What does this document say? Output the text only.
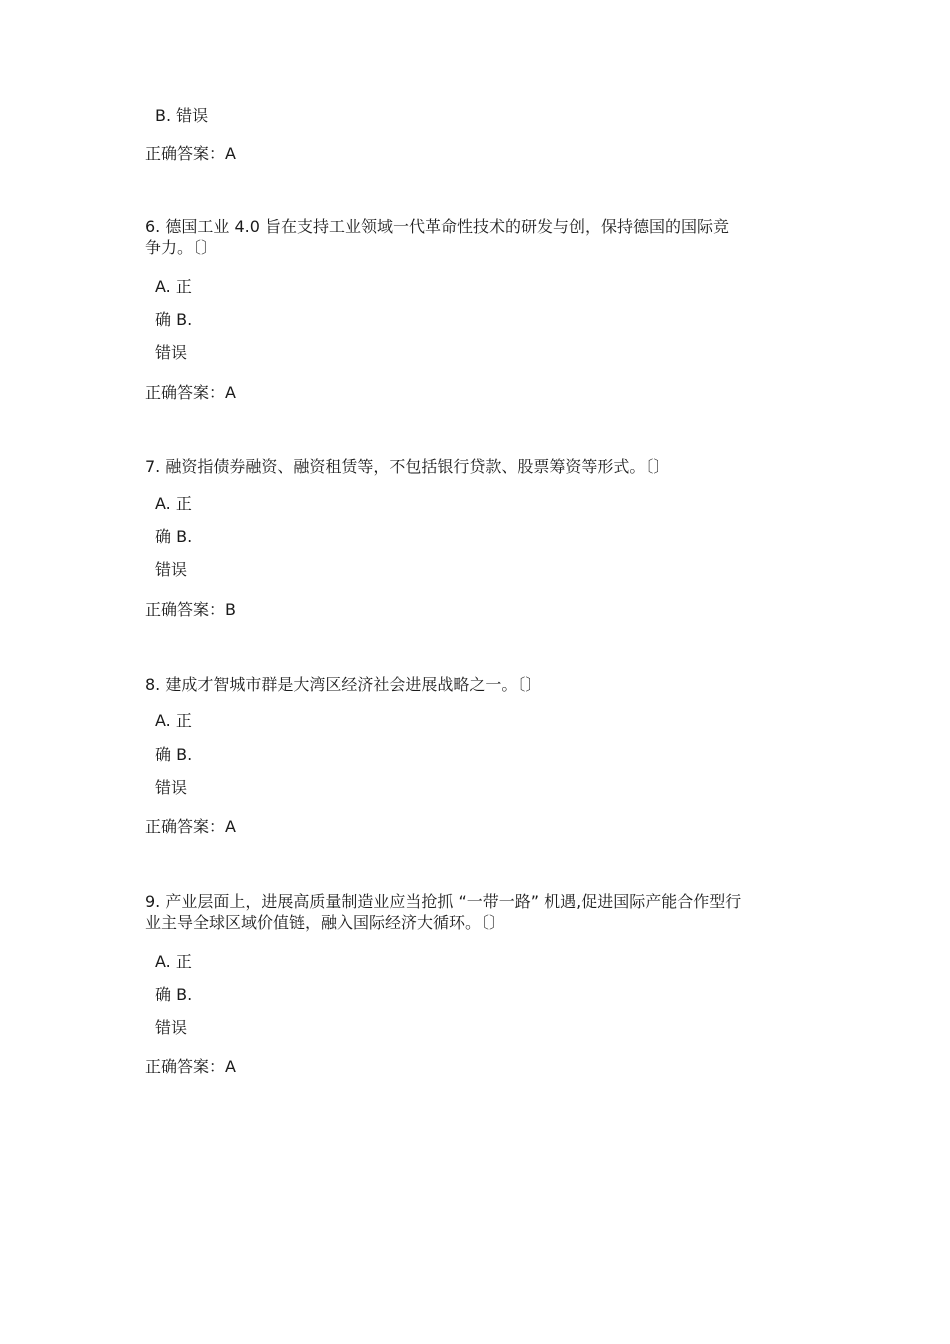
B. 错误
正确答案：A
6. 德国工业 4.0 旨在支持工业领域一代革命性技术的研发与创，保持德国的国际竞
争力。〔〕
A. 正
确 B.
错误
正确答案：A
7. 融资指债券融资、融资租赁等，不包括银行贷款、股票筹资等形式。〔〕
A. 正
确 B.
错误
正确答案：B
8. 建成才智城市群是大湾区经济社会进展战略之一。〔〕
A. 正
确 B.
错误
正确答案：A
9. 产业层面上，进展高质量制造业应当抢抓 “一带一路” 机遇,促进国际产能合作型行
业主导全球区域价值链，融入国际经济大循环。〔〕
A. 正
确 B.
错误
正确答案：A
